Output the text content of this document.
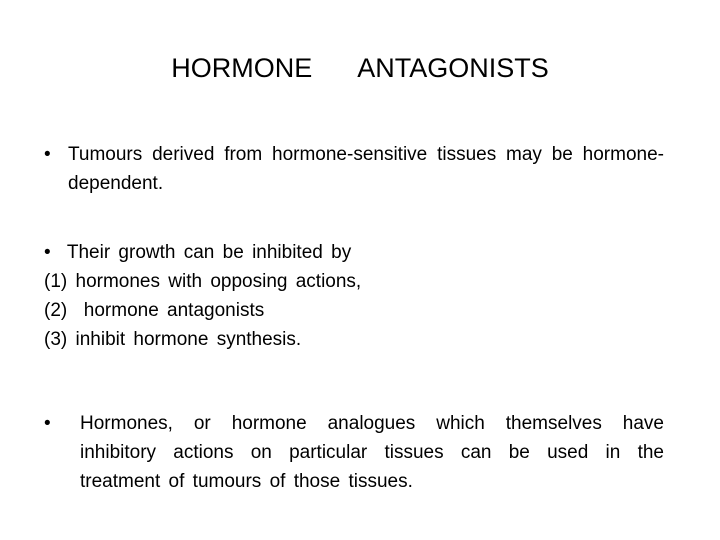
HORMONE   ANTAGONISTS
• Tumours derived from hormone-sensitive tissues may be hormone-dependent.
•  Their growth can be inhibited by
(1) hormones with opposing actions,
(2)  hormone antagonists
(3) inhibit hormone synthesis.
•	Hormones, or hormone analogues which themselves have inhibitory actions on particular tissues can be used in the treatment of tumours of those tissues.
